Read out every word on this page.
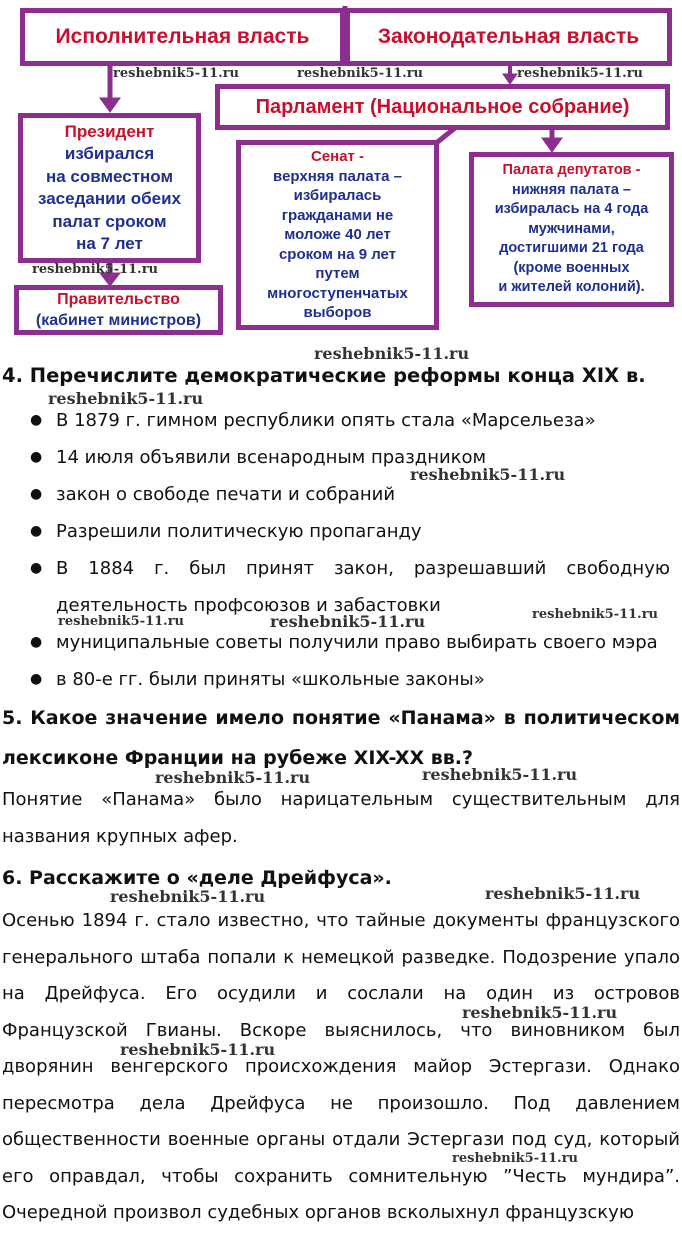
Исполнительная власть	Законодательная власть
Парламент (Национальное собрание)
Президент
избирался
на совместном
заседании обеих
палат сроком
на 7 лет
Правительство
(кабинет министров)
Сенат -
верхняя палата –
избиралась
гражданами не
моложе 40 лет
сроком на 9 лет
путем
многоступенчатых
выборов
Палата депутатов -
нижняя палата –
избиралась на 4 года
мужчинами,
достигшими 21 года
(кроме военных
и жителей колоний).
4. Перечислите демократические реформы конца XIX в.
● В 1879 г. гимном республики опять стала «Марсельеза»
● 14 июля объявили всенародным праздником
● закон о свободе печати и собраний
● Разрешили политическую пропаганду
● В 1884 г. был принят закон, разрешавший свободную деятельность профсоюзов и забастовки
● муниципальные советы получили право выбирать своего мэра
● в 80-е гг. были приняты «школьные законы»
5. Какое значение имело понятие «Панама» в политическом лексиконе Франции на рубеже XIX-XX вв.?
Понятие «Панама» было нарицательным существительным для названия крупных афер.
6. Расскажите о «деле Дрейфуса».
Осенью 1894 г. стало известно, что тайные документы французского генерального штаба попали к немецкой разведке. Подозрение упало на Дрейфуса. Его осудили и сослали на один из островов Французской Гвианы. Вскоре выяснилось, что виновником был дворянин венгерского происхождения майор Эстергази. Однако пересмотра дела Дрейфуса не произошло. Под давлением общественности военные органы отдали Эстергази под суд, который его оправдал, чтобы сохранить сомнительную ”Честь мундира”. Очередной произвол судебных органов всколыхнул французскую
reshebnik5-11.ru	reshebnik5-11.ru	reshebnik5-11.ru
reshebnik5-11.ru
reshebnik5-11.ru
reshebnik5-11.ru
reshebnik5-11.ru
reshebnik5-11.ru
reshebnik5-11.ru	reshebnik5-11.ru
reshebnik5-11.ru	reshebnik5-11.ru
reshebnik5-11.ru	reshebnik5-11.ru
reshebnik5-11.ru
reshebnik5-11.ru
reshebnik5-11.ru
